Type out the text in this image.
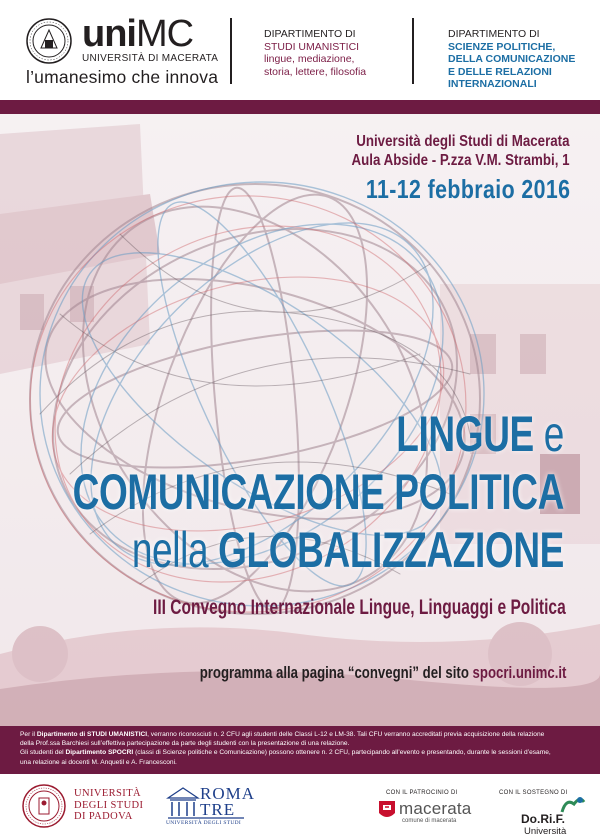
uniMC
UNIVERSITÀ DI MACERATA
l’umanesimo che innova
DIPARTIMENTO DI
STUDI UMANISTICI
lingue, mediazione,
storia, lettere, filosofia
DIPARTIMENTO DI
SCIENZE POLITICHE,
DELLA COMUNICAZIONE
E DELLE RELAZIONI
INTERNAZIONALI
Università degli Studi di Macerata
Aula Abside - P.zza V.M. Strambi, 1
11-12 febbraio 2016
LINGUE e
COMUNICAZIONE POLITICA
nella GLOBALIZZAZIONE
III Convegno Internazionale Lingue, Linguaggi e Politica
programma alla pagina “convegni” del sito spocri.unimc.it
Per il Dipartimento di STUDI UMANISTICI, verranno riconosciuti n. 2 CFU agli studenti delle Classi L-12 e LM-38. Tali CFU verranno accreditati previa acquisizione della relazione
della Prof.ssa Barchiesi sull’effettiva partecipazione da parte degli studenti con la presentazione di una relazione.
Gli studenti del Dipartimento SPOCRI (classi di Scienze politiche e Comunicazione) possono ottenere n. 2 CFU, partecipando all’evento e presentando, durante le sessioni d’esame,
una relazione ai docenti M. Anquetil e A. Francesconi.
UNIVERSITÀ
DEGLI STUDI
DI PADOVA
ROMA
TRE
UNIVERSITÀ DEGLI STUDI
CON IL PATROCINIO DI
macerata
comune di macerata
CON IL SOSTEGNO DI
Do.Ri.F.
Università
